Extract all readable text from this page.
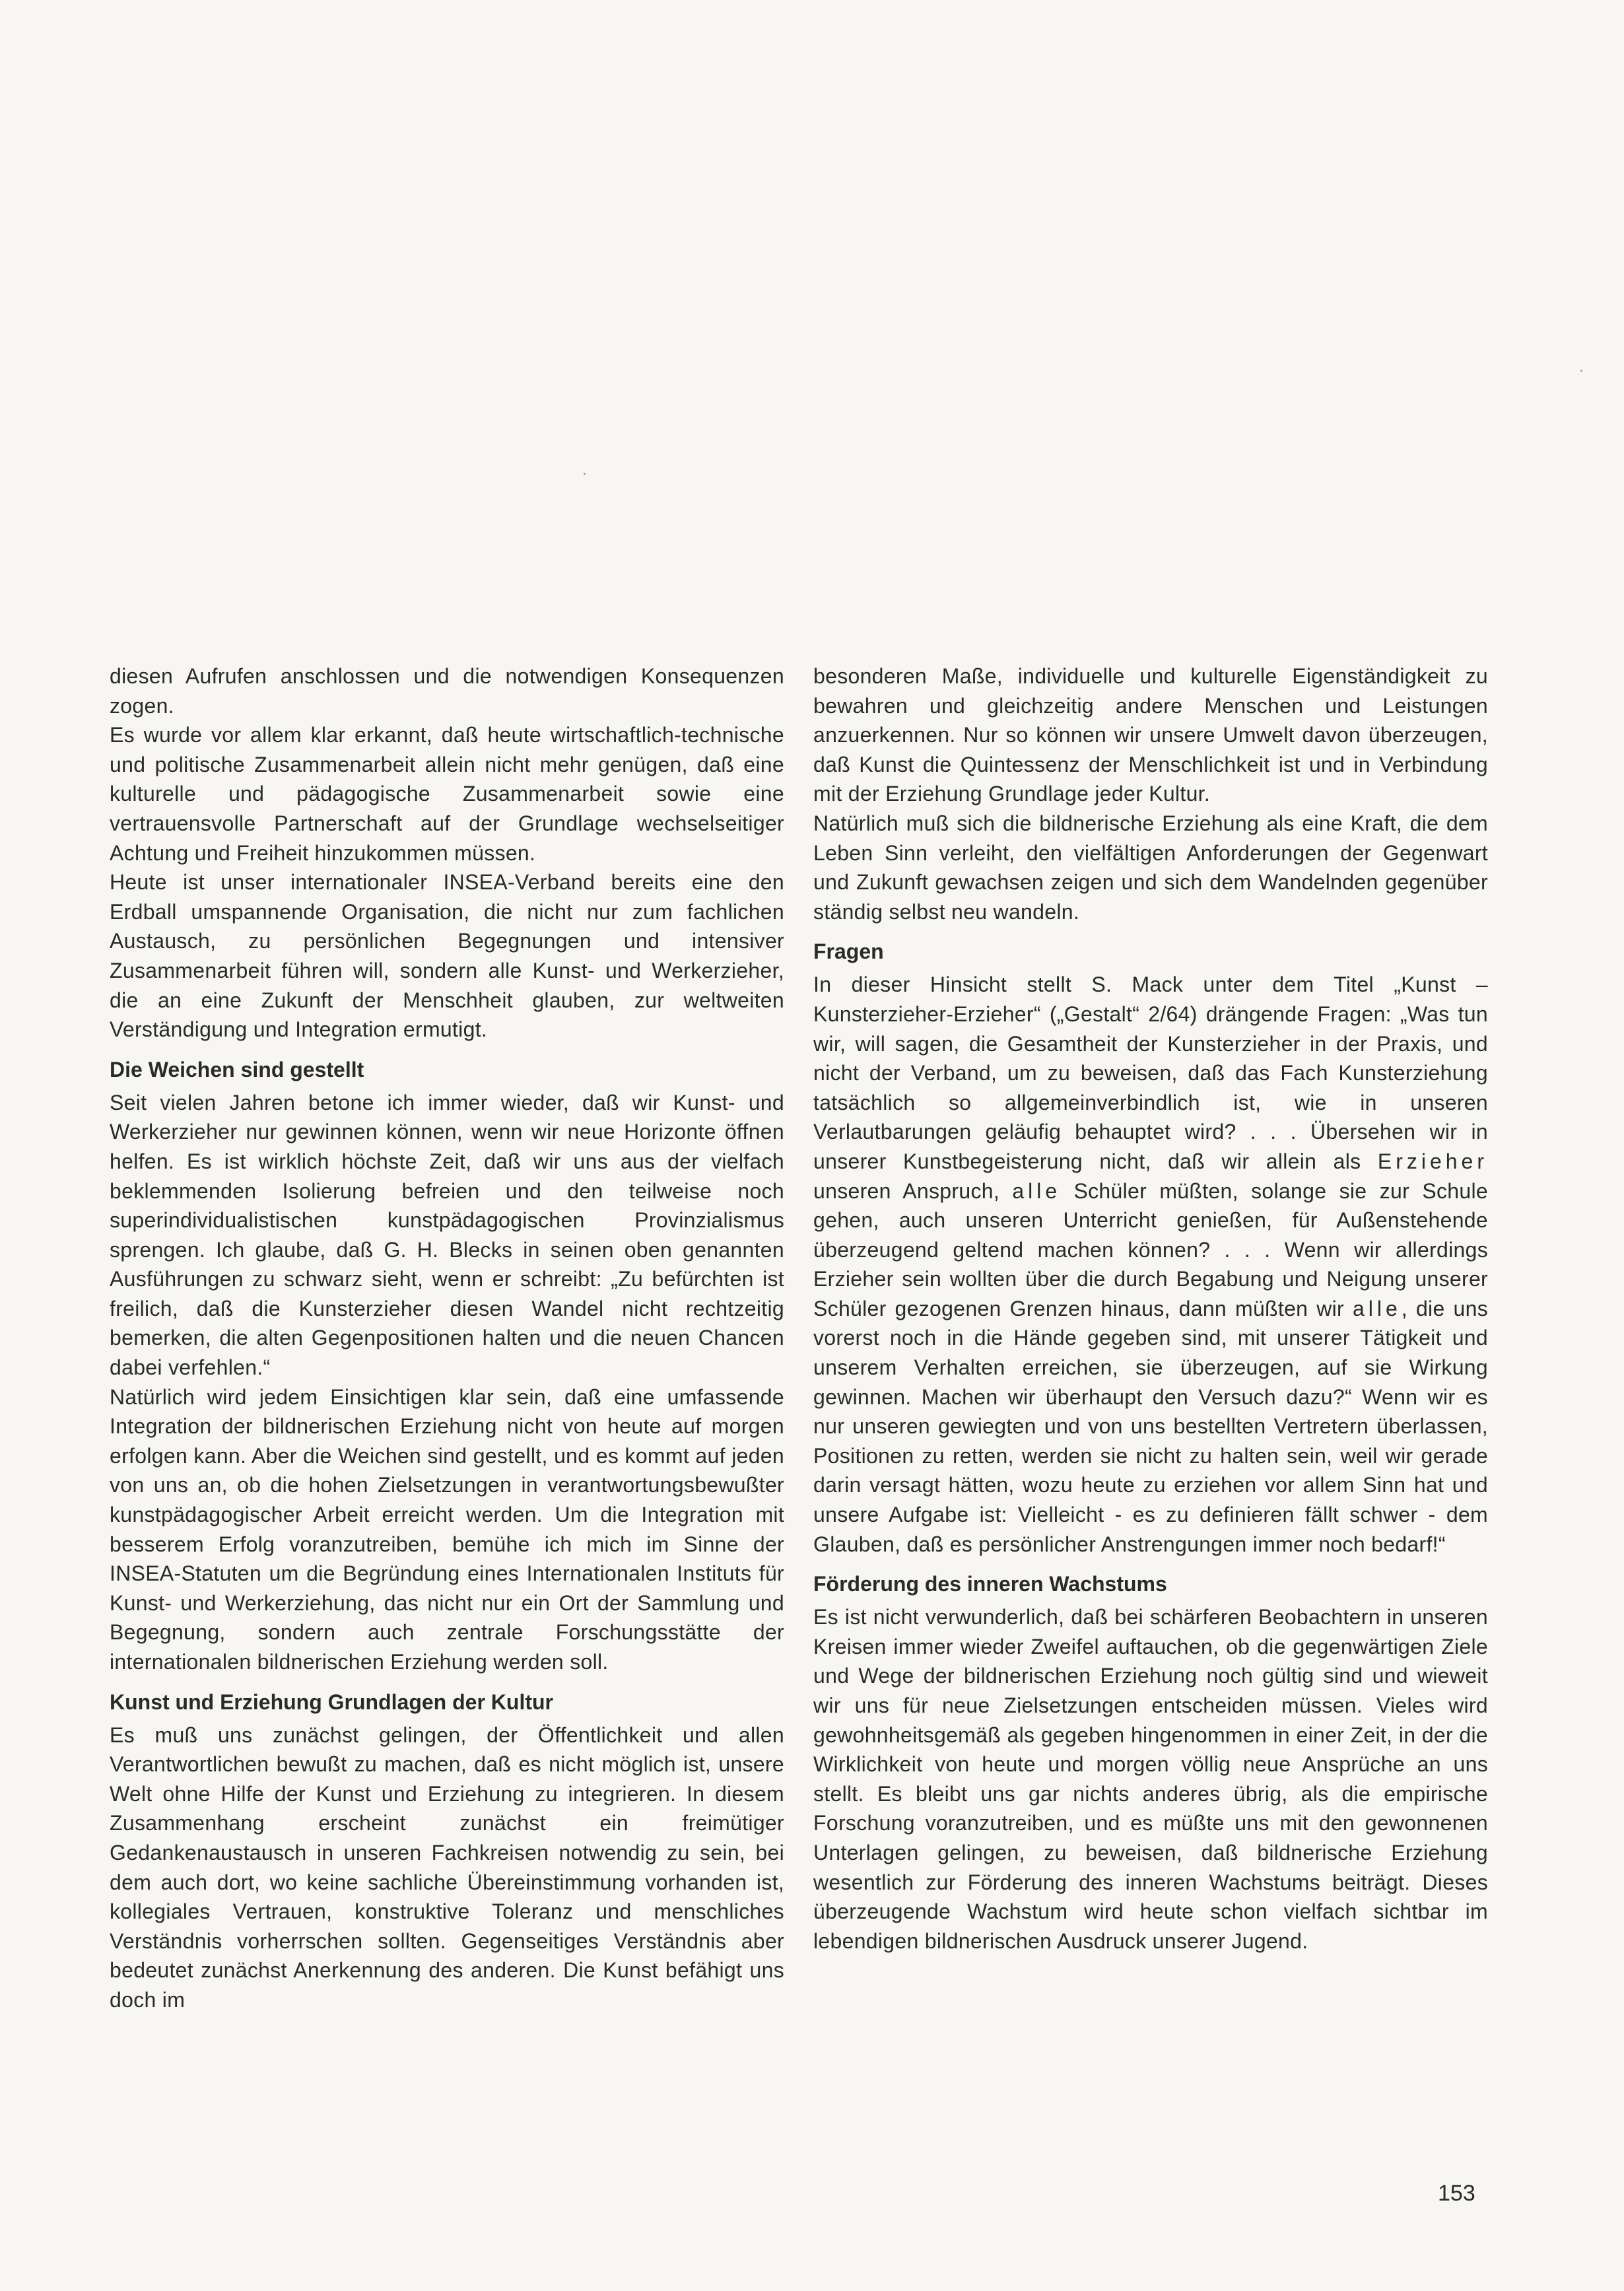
diesen Aufrufen anschlossen und die notwendigen Konsequenzen zogen.

Es wurde vor allem klar erkannt, daß heute wirtschaftlich-technische und politische Zusammenarbeit allein nicht mehr genügen, daß eine kulturelle und pädagogische Zusammenarbeit sowie eine vertrauensvolle Partnerschaft auf der Grundlage wechselseitiger Achtung und Freiheit hinzukommen müssen.

Heute ist unser internationaler INSEA-Verband bereits eine den Erdball umspannende Organisation, die nicht nur zum fachlichen Austausch, zu persönlichen Begegnungen und intensiver Zusammenarbeit führen will, sondern alle Kunst- und Werkerzieher, die an eine Zukunft der Menschheit glauben, zur weltweiten Verständigung und Integration ermutigt.

Die Weichen sind gestellt

Seit vielen Jahren betone ich immer wieder, daß wir Kunst- und Werkerzieher nur gewinnen können, wenn wir neue Horizonte öffnen helfen. Es ist wirklich höchste Zeit, daß wir uns aus der vielfach beklemmenden Isolierung befreien und den teilweise noch superindividualistischen kunstpädagogischen Provinzialismus sprengen. Ich glaube, daß G. H. Blecks in seinen oben genannten Ausführungen zu schwarz sieht, wenn er schreibt: „Zu befürchten ist freilich, daß die Kunsterzieher diesen Wandel nicht rechtzeitig bemerken, die alten Gegenpositionen halten und die neuen Chancen dabei verfehlen.“

Natürlich wird jedem Einsichtigen klar sein, daß eine umfassende Integration der bildnerischen Erziehung nicht von heute auf morgen erfolgen kann. Aber die Weichen sind gestellt, und es kommt auf jeden von uns an, ob die hohen Zielsetzungen in verantwortungsbewußter kunstpädagogischer Arbeit erreicht werden. Um die Integration mit besserem Erfolg voranzutreiben, bemühe ich mich im Sinne der INSEA-Statuten um die Begründung eines Internationalen Instituts für Kunst- und Werkerziehung, das nicht nur ein Ort der Sammlung und Begegnung, sondern auch zentrale Forschungsstätte der internationalen bildnerischen Erziehung werden soll.

Kunst und Erziehung Grundlagen der Kultur

Es muß uns zunächst gelingen, der Öffentlichkeit und allen Verantwortlichen bewußt zu machen, daß es nicht möglich ist, unsere Welt ohne Hilfe der Kunst und Erziehung zu integrieren. In diesem Zusammenhang erscheint zunächst ein freimütiger Gedankenaustausch in unseren Fachkreisen notwendig zu sein, bei dem auch dort, wo keine sachliche Übereinstimmung vorhanden ist, kollegiales Vertrauen, konstruktive Toleranz und menschliches Verständnis vorherrschen sollten. Gegenseitiges Verständnis aber bedeutet zunächst Anerkennung des anderen. Die Kunst befähigt uns doch im

besonderen Maße, individuelle und kulturelle Eigenständigkeit zu bewahren und gleichzeitig andere Menschen und Leistungen anzuerkennen. Nur so können wir unsere Umwelt davon überzeugen, daß Kunst die Quintessenz der Menschlichkeit ist und in Verbindung mit der Erziehung Grundlage jeder Kultur.

Natürlich muß sich die bildnerische Erziehung als eine Kraft, die dem Leben Sinn verleiht, den vielfältigen Anforderungen der Gegenwart und Zukunft gewachsen zeigen und sich dem Wandelnden gegenüber ständig selbst neu wandeln.

Fragen

In dieser Hinsicht stellt S. Mack unter dem Titel „Kunst – Kunsterzieher-Erzieher“ („Gestalt“ 2/64) drängende Fragen: „Was tun wir, will sagen, die Gesamtheit der Kunsterzieher in der Praxis, und nicht der Verband, um zu beweisen, daß das Fach Kunsterziehung tatsächlich so allgemeinverbindlich ist, wie in unseren Verlautbarungen geläufig behauptet wird? . . . Übersehen wir in unserer Kunstbegeisterung nicht, daß wir allein als Erzieher unseren Anspruch, alle Schüler müßten, solange sie zur Schule gehen, auch unseren Unterricht genießen, für Außenstehende überzeugend geltend machen können? . . . Wenn wir allerdings Erzieher sein wollten über die durch Begabung und Neigung unserer Schüler gezogenen Grenzen hinaus, dann müßten wir alle, die uns vorerst noch in die Hände gegeben sind, mit unserer Tätigkeit und unserem Verhalten erreichen, sie überzeugen, auf sie Wirkung gewinnen. Machen wir überhaupt den Versuch dazu?“ Wenn wir es nur unseren gewiegten und von uns bestellten Vertretern überlassen, Positionen zu retten, werden sie nicht zu halten sein, weil wir gerade darin versagt hätten, wozu heute zu erziehen vor allem Sinn hat und unsere Aufgabe ist: Vielleicht - es zu definieren fällt schwer - dem Glauben, daß es persönlicher Anstrengungen immer noch bedarf!“

Förderung des inneren Wachstums

Es ist nicht verwunderlich, daß bei schärferen Beobachtern in unseren Kreisen immer wieder Zweifel auftauchen, ob die gegenwärtigen Ziele und Wege der bildnerischen Erziehung noch gültig sind und wieweit wir uns für neue Zielsetzungen entscheiden müssen. Vieles wird gewohnheitsgemäß als gegeben hingenommen in einer Zeit, in der die Wirklichkeit von heute und morgen völlig neue Ansprüche an uns stellt. Es bleibt uns gar nichts anderes übrig, als die empirische Forschung voranzutreiben, und es müßte uns mit den gewonnenen Unterlagen gelingen, zu beweisen, daß bildnerische Erziehung wesentlich zur Förderung des inneren Wachstums beiträgt. Dieses überzeugende Wachstum wird heute schon vielfach sichtbar im lebendigen bildnerischen Ausdruck unserer Jugend.

153
